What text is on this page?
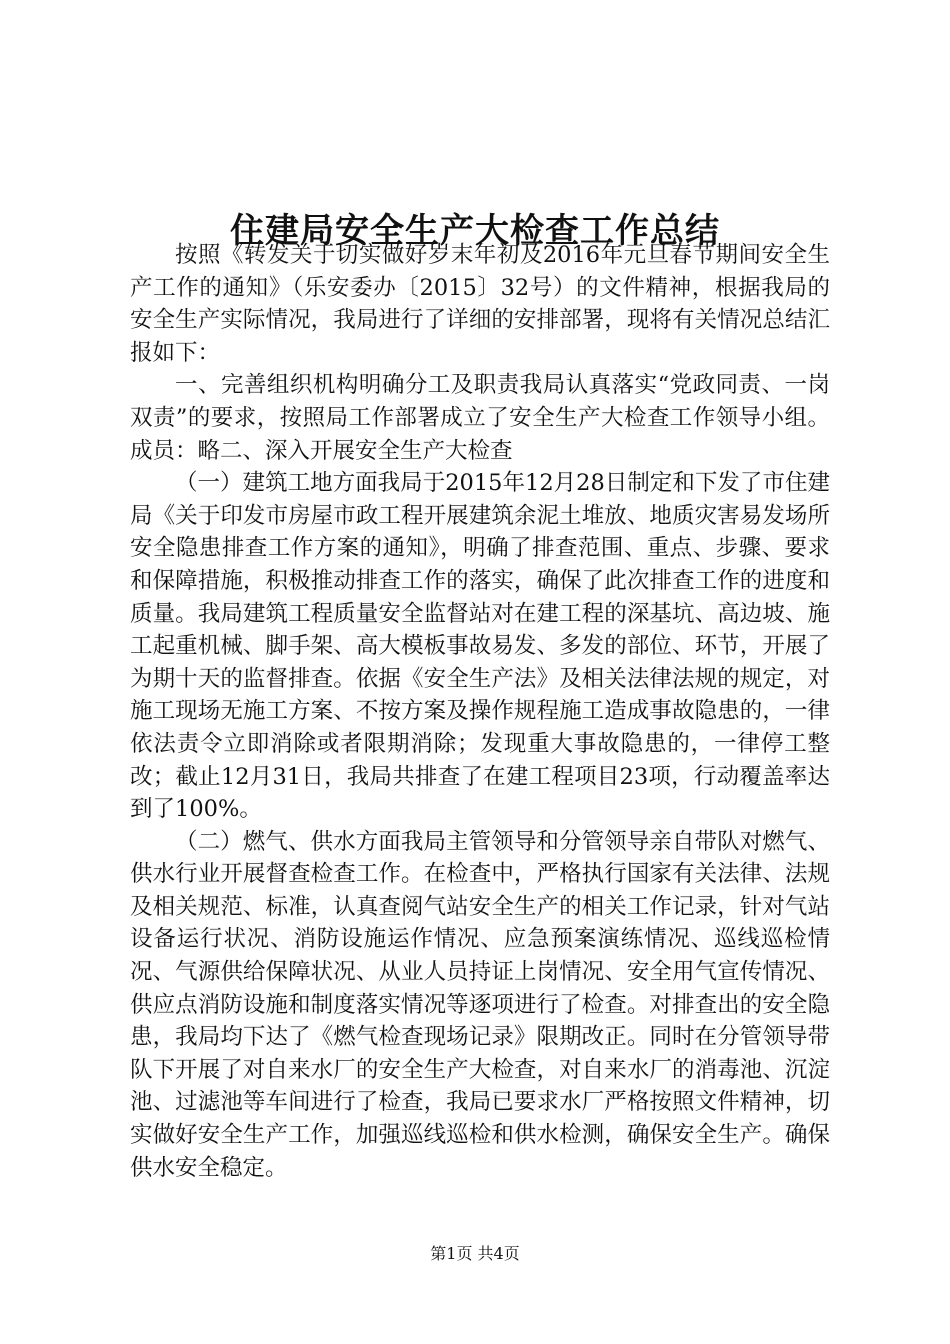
住建局安全生产大检查工作总结

按照《转发关于切实做好岁末年初及2016年元旦春节期间安全生产工作的通知》（乐安委办〔2015〕32号）的文件精神，根据我局的安全生产实际情况，我局进行了详细的安排部署，现将有关情况总结汇报如下：

一、完善组织机构明确分工及职责我局认真落实“党政同责、一岗双责”的要求，按照局工作部署成立了安全生产大检查工作领导小组。成员：略二、深入开展安全生产大检查

（一）建筑工地方面我局于2015年12月28日制定和下发了市住建局《关于印发市房屋市政工程开展建筑余泥土堆放、地质灾害易发场所安全隐患排查工作方案的通知》，明确了排查范围、重点、步骤、要求和保障措施，积极推动排查工作的落实，确保了此次排查工作的进度和质量。我局建筑工程质量安全监督站对在建工程的深基坑、高边坡、施工起重机械、脚手架、高大模板事故易发、多发的部位、环节，开展了为期十天的监督排查。依据《安全生产法》及相关法律法规的规定，对施工现场无施工方案、不按方案及操作规程施工造成事故隐患的，一律依法责令立即消除或者限期消除；发现重大事故隐患的，一律停工整改；截止12月31日，我局共排查了在建工程项目23项，行动覆盖率达到了100%。

（二）燃气、供水方面我局主管领导和分管领导亲自带队对燃气、供水行业开展督查检查工作。在检查中，严格执行国家有关法律、法规及相关规范、标准，认真查阅气站安全生产的相关工作记录，针对气站设备运行状况、消防设施运作情况、应急预案演练情况、巡线巡检情况、气源供给保障状况、从业人员持证上岗情况、安全用气宣传情况、供应点消防设施和制度落实情况等逐项进行了检查。对排查出的安全隐患，我局均下达了《燃气检查现场记录》限期改正。同时在分管领导带队下开展了对自来水厂的安全生产大检查，对自来水厂的消毒池、沉淀池、过滤池等车间进行了检查，我局已要求水厂严格按照文件精神，切实做好安全生产工作，加强巡线巡检和供水检测，确保安全生产。确保供水安全稳定。

第1页 共4页
